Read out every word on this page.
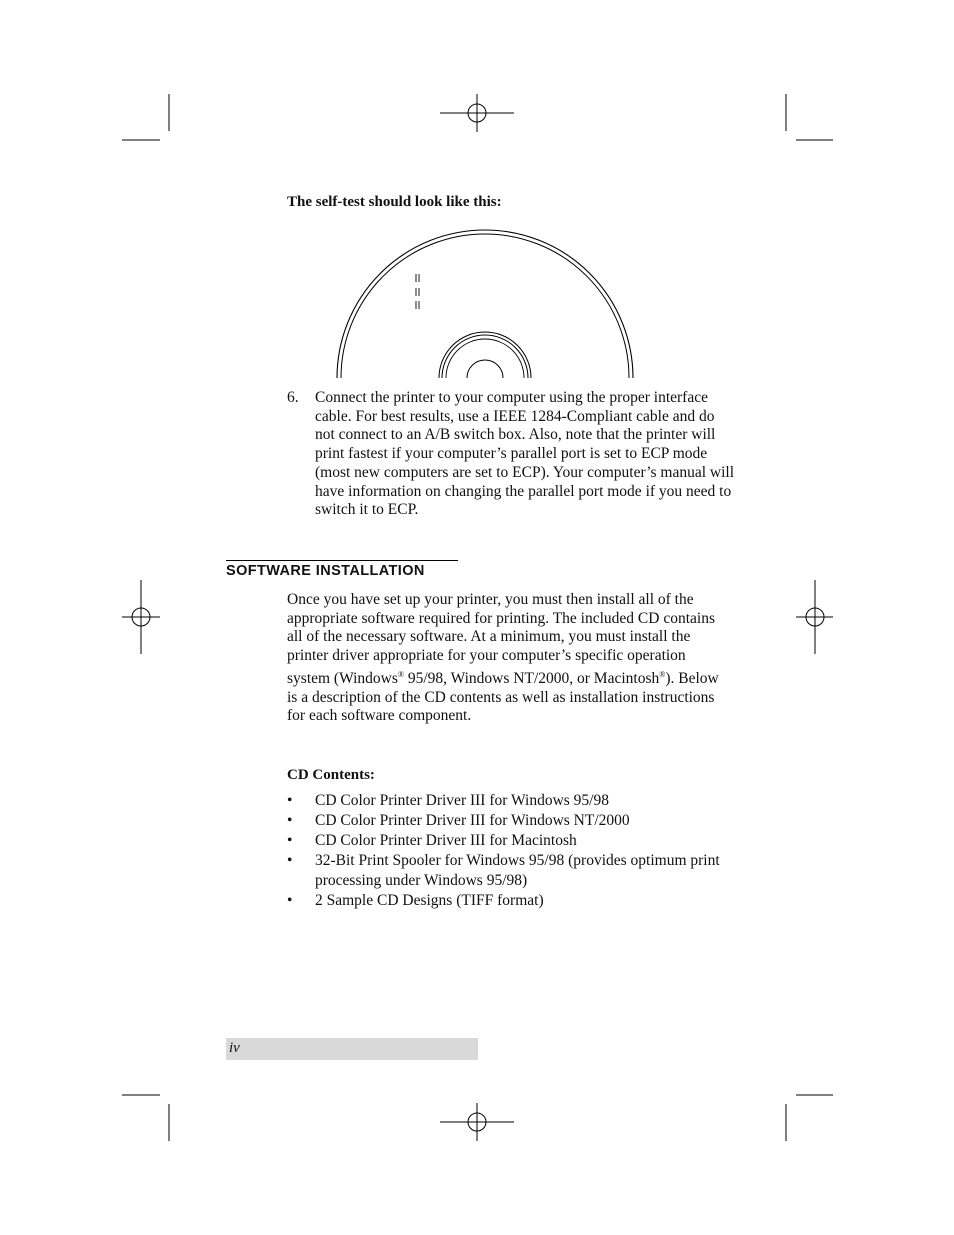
The self-test should look like this:
6. Connect the printer to your computer using the proper interface cable. For best results, use a IEEE 1284-Compliant cable and do not connect to an A/B switch box. Also, note that the printer will print fastest if your computer’s parallel port is set to ECP mode (most new computers are set to ECP). Your computer’s manual will have information on changing the parallel port mode if you need to switch it to ECP.
SOFTWARE INSTALLATION
Once you have set up your printer, you must then install all of the appropriate software required for printing. The included CD contains all of the necessary software. At a minimum, you must install the printer driver appropriate for your computer’s specific operation system (Windows® 95/98, Windows NT/2000, or Macintosh®). Below is a description of the CD contents as well as installation instructions for each software component.
CD Contents:
• CD Color Printer Driver III for Windows 95/98
• CD Color Printer Driver III for Windows NT/2000
• CD Color Printer Driver III for Macintosh
• 32-Bit Print Spooler for Windows 95/98 (provides optimum print processing under Windows 95/98)
• 2 Sample CD Designs (TIFF format)
iv
